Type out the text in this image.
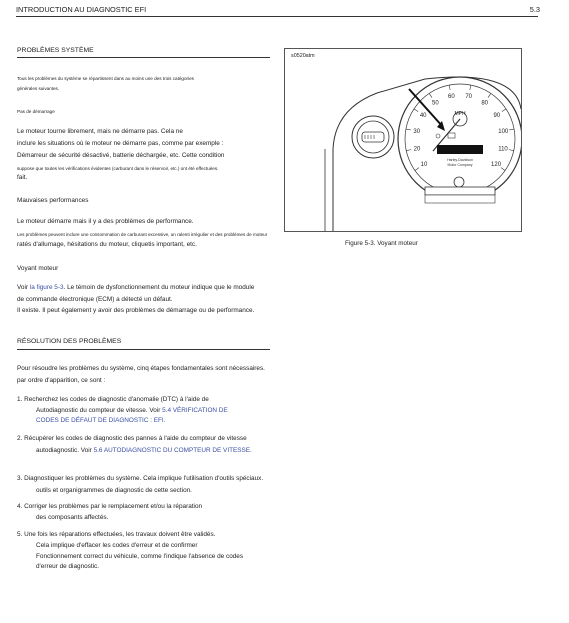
INTRODUCTION AU DIAGNOSTIC EFI	5.3
PROBLÈMES SYSTÈME
Tous les problèmes du système se répartissent dans au moins une des trois catégories
générales suivantes.
Pas de démarrage
Le moteur tourne librement, mais ne démarre pas. Cela ne
inclure les situations où le moteur ne démarre pas, comme par exemple :
Démarreur de sécurité désactivé, batterie déchargée, etc. Cette condition
suppose que toutes les vérifications évidentes (carburant dans le réservoir, etc.) ont été effectuées.
fait.
Mauvaises performances
Le moteur démarre mais il y a des problèmes de performance.
Les problèmes peuvent inclure une consommation de carburant excessive, un ralenti irrégulier et des problèmes de moteur
ratés d'allumage, hésitations du moteur, cliquetis important, etc.
Voyant moteur
Voir la figure 5-3. Le témoin de dysfonctionnement du moteur indique que le module
de commande électronique (ECM) a détecté un défaut.
Il existe. Il peut également y avoir des problèmes de démarrage ou de performance.
RÉSOLUTION DES PROBLÈMES
Pour résoudre les problèmes du système, cinq étapes fondamentales sont nécessaires.
par ordre d'apparition, ce sont :
1. Recherchez les codes de diagnostic d'anomalie (DTC) à l'aide de
Autodiagnostic du compteur de vitesse. Voir 5.4 VÉRIFICATION DE
CODES DE DÉFAUT DE DIAGNOSTIC : EFI.
2. Récupérer les codes de diagnostic des pannes à l'aide du compteur de vitesse
autodiagnostic. Voir 5.6 AUTODIAGNOSTIC DU COMPTEUR DE VITESSE.
3. Diagnostiquer les problèmes du système. Cela implique l'utilisation d'outils spéciaux.
outils et organigrammes de diagnostic de cette section.
4. Corriger les problèmes par le remplacement et/ou la réparation
des composants affectés.
5. Une fois les réparations effectuées, les travaux doivent être validés.
Cela implique d'effacer les codes d'erreur et de confirmer
Fonctionnement correct du véhicule, comme l'indique l'absence de codes
d'erreur de diagnostic.
s0520atm
10
20
30
40
50
60 70
80
90
100
110
120
MPH
Harley-Davidson
Motor Company
Figure 5-3. Voyant moteur
